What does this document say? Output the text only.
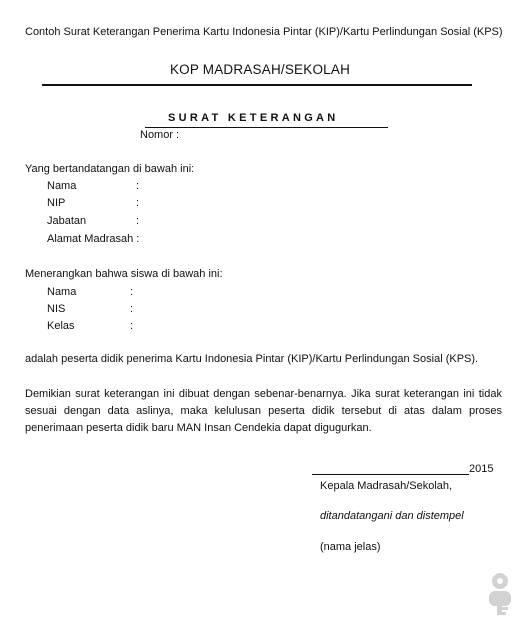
Contoh Surat Keterangan Penerima Kartu Indonesia Pintar (KIP)/Kartu Perlindungan Sosial (KPS)
KOP MADRASAH/SEKOLAH
SURAT KETERANGAN
Nomor :
Yang bertandatangan di bawah ini:
Nama	:
NIP	:
Jabatan	:
Alamat Madrasah :
Menerangkan bahwa siswa di bawah ini:
Nama	:
NIS	:
Kelas	:
adalah peserta didik penerima Kartu Indonesia Pintar (KIP)/Kartu Perlindungan Sosial (KPS).
Demikian surat keterangan ini dibuat dengan sebenar-benarnya. Jika surat keterangan ini tidak sesuai dengan data aslinya, maka kelulusan peserta didik tersebut di atas dalam proses penerimaan peserta didik baru MAN Insan Cendekia dapat digugurkan.
2015
Kepala Madrasah/Sekolah,
ditandatangani dan distempel
(nama jelas)
